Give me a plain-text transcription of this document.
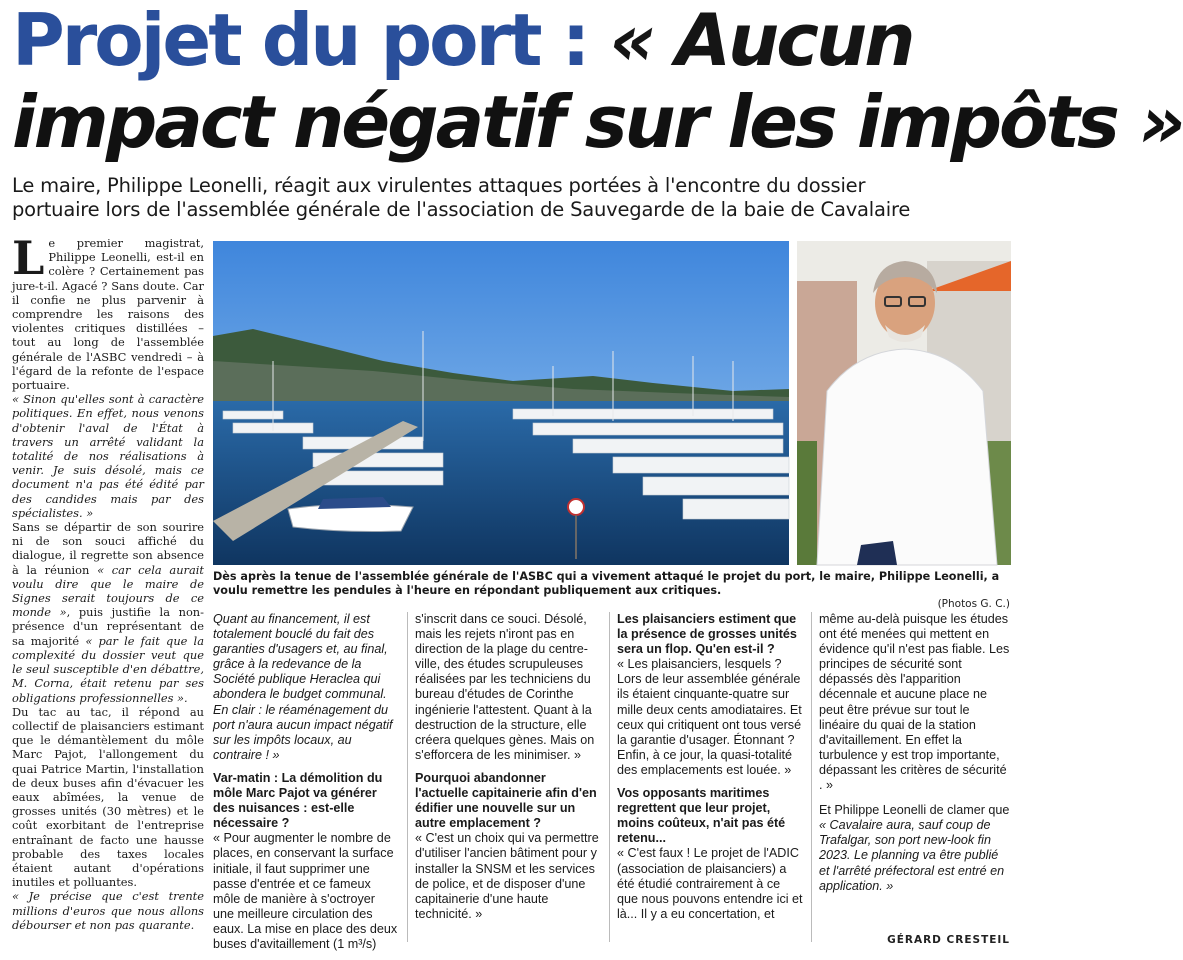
Projet du port : « Aucun
impact négatif sur les impôts »
Le maire, Philippe Leonelli, réagit aux virulentes attaques portées à l'encontre du dossier
portuaire lors de l'assemblée générale de l'association de Sauvegarde de la baie de Cavalaire

Le premier magistrat, Philippe Leonelli, est-il en colère ? Certainement pas jure-t-il. Agacé ? Sans doute. Car il confie ne plus parvenir à comprendre les raisons des violentes critiques distillées – tout au long de l'assemblée générale de l'ASBC vendredi – à l'égard de la refonte de l'espace portuaire.

« Sinon qu'elles sont à caractère politiques. En effet, nous venons d'obtenir l'aval de l'État à travers un arrêté validant la totalité de nos réalisations à venir. Je suis désolé, mais ce document n'a pas été édité par des candides mais par des spécialistes. »

Sans se départir de son sourire ni de son souci affiché du dialogue, il regrette son absence à la réunion « car cela aurait voulu dire que le maire de Signes serait toujours de ce monde », puis justifie la non-présence d'un représentant de sa majorité « par le fait que la complexité du dossier veut que le seul susceptible d'en débattre, M. Corna, était retenu par ses obligations professionnelles ».

Du tac au tac, il répond au collectif de plaisanciers estimant que le démantèlement du môle Marc Pajot, l'allongement du quai Patrice Martin, l'installation de deux buses afin d'évacuer les eaux abîmées, la venue de grosses unités (30 mètres) et le coût exorbitant de l'entreprise entraînant de facto une hausse probable des taxes locales étaient autant d'opérations inutiles et polluantes.

« Je précise que c'est trente millions d'euros que nous allons débourser et non pas quarante.

Dès après la tenue de l'assemblée générale de l'ASBC qui a vivement attaqué le projet du port, le maire, Philippe Leonelli, a voulu remettre les pendules à l'heure en répondant publiquement aux critiques.
(Photos G. C.)

Quant au financement, il est totalement bouclé du fait des garanties d'usagers et, au final, grâce à la redevance de la Société publique Heraclea qui abondera le budget communal. En clair : le réaménagement du port n'aura aucun impact négatif sur les impôts locaux, au contraire ! »

Var-matin : La démolition du môle Marc Pajot va générer des nuisances : est-elle nécessaire ?

« Pour augmenter le nombre de places, en conservant la surface initiale, il faut supprimer une passe d'entrée et ce fameux môle de manière à s'octroyer une meilleure circulation des eaux. La mise en place des deux buses d'avitaillement (1 m³/s)

s'inscrit dans ce souci. Désolé, mais les rejets n'iront pas en direction de la plage du centre-ville, des études scrupuleuses réalisées par les techniciens du bureau d'études de Corinthe ingénierie l'attestent. Quant à la destruction de la structure, elle créera quelques gènes. Mais on s'efforcera de les minimiser. »

Pourquoi abandonner l'actuelle capitainerie afin d'en édifier une nouvelle sur un autre emplacement ?

« C'est un choix qui va permettre d'utiliser l'ancien bâtiment pour y installer la SNSM et les services de police, et de disposer d'une capitainerie d'une haute technicité. »

Les plaisanciers estiment que la présence de grosses unités sera un flop. Qu'en est-il ?

« Les plaisanciers, lesquels ? Lors de leur assemblée générale ils étaient cinquante-quatre sur mille deux cents amodiataires. Et ceux qui critiquent ont tous versé la garantie d'usager. Étonnant ? Enfin, à ce jour, la quasi-totalité des emplacements est louée. »

Vos opposants maritimes regrettent que leur projet, moins coûteux, n'ait pas été retenu...

« C'est faux ! Le projet de l'ADIC (association de plaisanciers) a été étudié contrairement à ce que nous pouvons entendre ici et là... Il y a eu concertation, et

même au-delà puisque les études ont été menées qui mettent en évidence qu'il n'est pas fiable. Les principes de sécurité sont dépassés dès l'apparition décennale et aucune place ne peut être prévue sur tout le linéaire du quai de la station d'avitaillement. En effet la turbulence y est trop importante, dépassant les critères de sécurité . »

Et Philippe Leonelli de clamer que « Cavalaire aura, sauf coup de Trafalgar, son port new-look fin 2023. Le planning va être publié et l'arrêté préfectoral est entré en application. »

GÉRARD CRESTEIL
